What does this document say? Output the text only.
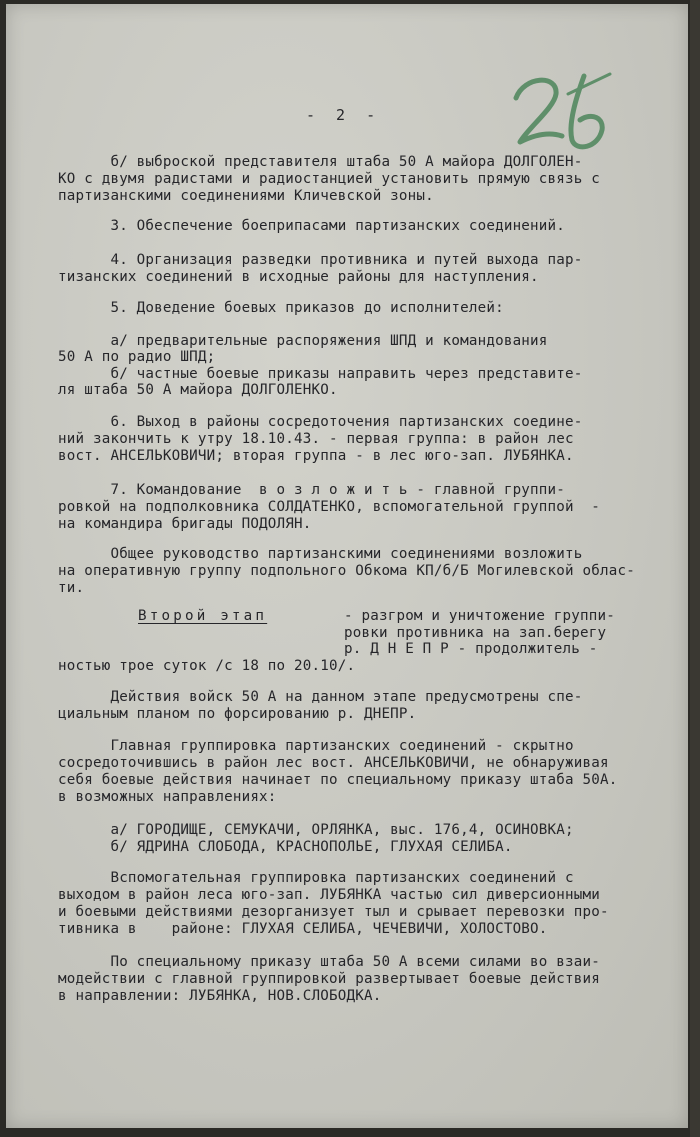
- 2 -
б/ выброской представителя штаба 50 А майора ДОЛГОЛЕН-
КО с двумя радистами и радиостанцией установить прямую связь с
партизанскими соединениями Кличевской зоны.
3. Обеспечение боеприпасами партизанских соединений.
4. Организация разведки противника и путей выхода пар-
тизанских соединений в исходные районы для наступления.
5. Доведение боевых приказов до исполнителей:
а/ предварительные распоряжения ШПД и командования
50 А по радио ШПД;
б/ частные боевые приказы направить через представите-
ля штаба 50 А майора ДОЛГОЛЕНКО.
6. Выход в районы сосредоточения партизанских соедине-
ний закончить к утру 18.10.43. - первая группа: в район лес
вост. АНСЕЛЬКОВИЧИ; вторая группа - в лес юго-зап. ЛУБЯНКА.
7. Командование  в о з л о ж и т ь - главной группи-
ровкой на подполковника СОЛДАТЕНКО, вспомогательной группой  -
на командира бригады ПОДОЛЯН.
Общее руководство партизанскими соединениями возложить
на оперативную группу подпольного Обкома КП/б/Б Могилевской облас-
ти.
Второй этап	- разгром и уничтожение группи-
ровки противника на зап.берегу
р. Д Н Е П Р - продолжитель -
ностью трое суток /с 18 по 20.10/.
Действия войск 50 А на данном этапе предусмотрены спе-
циальным планом по форсированию р. ДНЕПР.
Главная группировка партизанских соединений - скрытно
сосредоточившись в район лес вост. АНСЕЛЬКОВИЧИ, не обнаруживая
себя боевые действия начинает по специальному приказу штаба 50А.
в возможных направлениях:
а/ ГОРОДИЩЕ, СЕМУКАЧИ, ОРЛЯНКА, выс. 176,4, ОСИНОВКА;
б/ ЯДРИНА СЛОБОДА, КРАСНОПОЛЬЕ, ГЛУХАЯ СЕЛИБА.
Вспомогательная группировка партизанских соединений с
выходом в район леса юго-зап. ЛУБЯНКА частью сил диверсионными
и боевыми действиями дезорганизует тыл и срывает перевозки про-
тивника в    районе: ГЛУХАЯ СЕЛИБА, ЧЕЧЕВИЧИ, ХОЛОСТОВО.
По специальному приказу штаба 50 А всеми силами во взаи-
модействии с главной группировкой развертывает боевые действия
в направлении: ЛУБЯНКА, НОВ.СЛОБОДКА.
